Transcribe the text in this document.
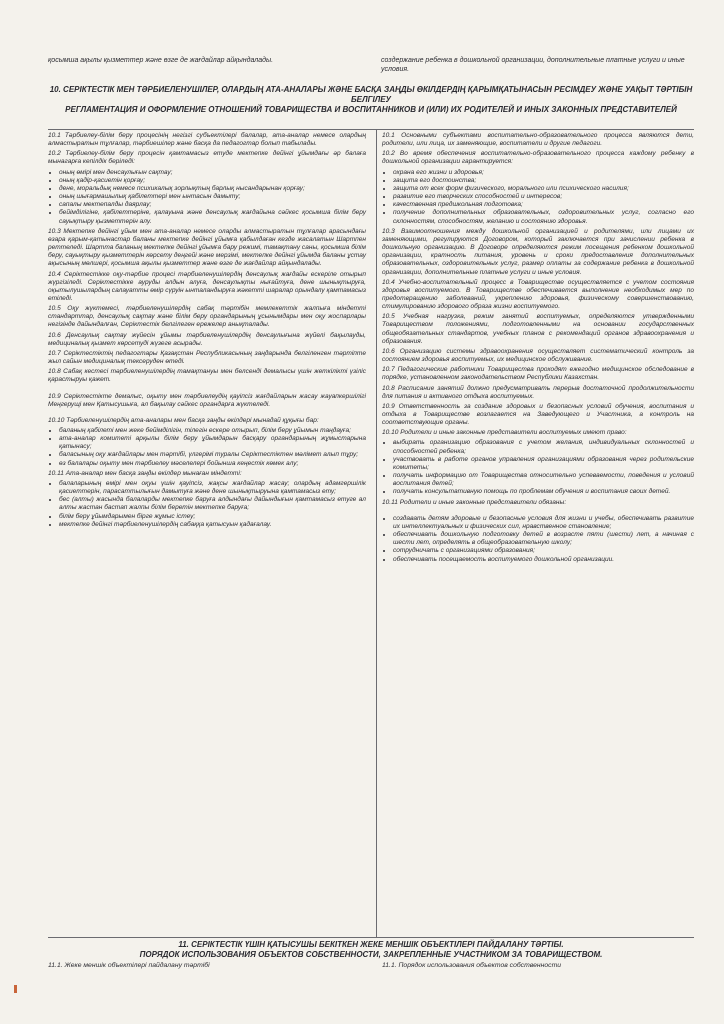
қосымша ақылы қызметтер және өзге де жағдайлар айқындалады.	сoздeржание ребенка в дошкольной организации, дополнительные платные услуги и иные условия.
10. СЕРІКТЕСТІК МЕН ТӘРБИЕЛЕНУШІЛЕР, ОЛАРДЫҢ АТА-АНАЛАРЫ ЖӘНЕ БАСҚА ЗАҢДЫ ӨКІЛДЕРДІҢ ҚАРЫМҚАТЫНАСЫН РЕСІМДЕУ ЖӘНЕ УАҚЫТ ТӘРТІБІН БЕЛГІЛЕУ
РЕГЛАМЕНТАЦИЯ И ОФОРМЛЕНИЕ ОТНОШЕНИЙ ТОВАРИЩЕСТВА И ВОСПИТАННИКОВ И (ИЛИ) ИХ РОДИТЕЛЕЙ И ИНЫХ ЗАКОННЫХ ПРЕДСТАВИТЕЛЕЙ

10.1 Тәрбиелеу-білім беру процесінің негізгі субъектілері балалар, ата-аналар немесе олардың алмастыратын тұлғалар, тәрбиешілер және басқа да педагогтар болып табылады.

10.2 Тәрбиелеу-білім беру процесін қамтамасыз етуде мектепке дейінгі ұйымдағы әр балаға мынагарға кепілдік беріледі:

• оның өмірі мен денсаулығын сақтау;
• оның қадір-қасиетін қорғау;
• дене, моральдық немесе психикалық зорлықтың барлық нысандарынан қорғау;
• оның шығармашылық қабілеттері мен ынтасын дамыту;
• сапалы мектепалды даярлау;
• бейімділігіне, қабілеттеріне, қалауына және денсаулық жағдайына сәйкес қосымша білім беру сауықтыру қызметтерін алу.

10.3 Мектепке дейінгі ұйым мен ата-аналар немесе оларды алмастыратын тұлғалар арасындағы өзара қарым-қатынастар баланы мектепке дейінгі ұйымға қабылдаған кезде жасалатын Шартпен реттеледі. Шартта баланың мектепке дейінгі ұйымға бару режимі, тамақтану саны, қосымша білім беру, сауықтыру қызметтерін көрсету деңгейі және мерзімі, мектепке дейінгі ұйымда баланы ұстау ақысының мөлшері, қосымша ақылы қызметтер және өзге де жағдайлар айқындалады.

10.4 Серіктестікке оқу-тәрбие процесі тәрбиеленушілердің денсаулық жағдайы ескеріле отырып жүргізіледі. Серіктестікке ауруды алдын алуға, денсаулықты нығайтуға, дене шынықтыруға, оқытылушылардың салауатты өмір сүруін ынталандыруға жәкетті шаралар орындалу қамтамасыз етіледі.

10.5 Оқу жүктемесі, тәрбиеленушілердің сабақ тәртібін мемлекеттік жалпыға міндетті стандарттар, денсаулық сақтау және білім беру органдарының ұсынымдары мен оқу жоспарлары негізінде дайындалған, Серіктестік белгілеген ережелер анықталады.

10.6 Денсаулық сақтау жүйесін ұйымы тәрбиеленушілердің денсаулығына жүйелі бақылауды, медициналық қызмет көрсетуді жүзеге асырады.

10.7 Серіктестіктің педагогтары Қазақстан Республикасының заңдарында белгіленген тәртіпте жыл сайын медициналық тексеруден өтеді.

10.8 Сабақ кестесі тәрбиеленушілердің тамақтануы мен белсенді демалысы үшін жеткілікті үзіліс қарастыруы қажет.

10.9 Серіктестікте демалыс, оқыту мен тәрбиелеудің қауіпсіз жағдайларын жасау жауапкершілігі Меңгерущі мен Қатысушыға, ал бақылау сәйкес органдарға жүктеледі.

10.10 Тәрбиеленушілердің ата-аналары мен басқа заңды өкілдері мынадай құқығы бар:

• баланың қабілеті мен жеке бейімділігін, тілегін ескере отырып, білім беру ұйымын таңдауға;
• ата-аналар комитеті арқылы білім беру ұйымдарын басқару органдарының жұмыстарына қатынасу;
• баласының оқу жағдайлары мен тәртібі, үлгерімі туралы Серіктестіктен мәлімет алып тұру;
• өз балалары оқыту мен тәрбиелеу мәселелері бойынша кеңестік көмек алу;

10.11 Ата-аналар мен басқа заңды өкілдер мынаған міндетті:

• балаларының өмірі мен оқуы үшін қауіпсіз, жақсы жағдайлар жасау; олардың адамгершілік қасиеттерін, парасаттылығын дамытуға және дене шынықтыруына қамтамасыз ету;
• бес (алты) жасында балаларды мектепке баруға алдындағы дайындығын қамтамасыз етуге ал алты жастан бастап жалпы білім беретін мектепке баруға;
• білім беру ұйымдарымен бірге жұмыс істеу;
• мектепке дейінгі тәрбиеленушілердің сабаққа қатысуын қадағалау.

10.1 Основными субъектами воспитательно-образовательного процесса являются дети, родители, или лица, их заменяющие, воспитатели и другие педагоги.

10.2 Во время обеспечения воспитательно-образовательного процесса каждому ребенку в дошкольной организации гарантируется:

• охрана его жизни и здоровья;
• защита его достоинства;
• защита от всех форм физического, морального или психического насилия;
• развитие его творческих способностей и интересов;
• качественная предшкольная подготовка;
• получение дополнительных образовательных, оздоровительных услуг, согласно его склонностям, способностям, желанию и состоянию здоровья.

10.3 Взаимоотношения между дошкольной организацией и родителями, или лицами их заменяющими, регулируются Договором, который заключается при зачислении ребенка в дошкольную организацию. В Договоре определяются режим посещения ребенком дошкольной организации, кратность питания, уровень и сроки предоставления дополнительных образовательных, оздоровительных услуг, размер оплаты за содержание ребенка в дошкольной организации, дополнительные платные услуги и иные условия.

10.4 Учебно-воспитательный процесс в Товариществе осуществляется с учетом состояния здоровья воспитуемого. В Товариществе обеспечивается выполнение необходимых мер по предотвращению заболеваний, укреплению здоровья, физическому совершенствованию, стимулированию здорового образа жизни воспитуемого.

10.5 Учебная нагрузка, режим занятий воспитуемых, определяются утвержденными Товариществом положениями, подготовленными на основании государственных общеобязательных стандартов, учебных планов с рекомендаций органов здравоохранения и образования.

10.6 Организацию системы здравоохранения осуществляет систематический контроль за состоянием здоровья воспитуемых, их медицинское обслуживание.

10.7 Педагогические работники Товарищества проходят ежегодно медицинское обследование в порядке, установленном законодательством Республики Казахстан.

10.8 Расписание занятий должно предусматривать перерыв достаточной продолжительности для питания и активного отдыха воспитуемых.

10.9 Ответственность за создание здоровых и безопасных условий обучения, воспитания и отдыха в Товариществе возлагается на Заведующего и Участника, а контроль на соответствующие органы.

10.10 Родители и иные законные представители воспитуемых имеют право:

• выбирать организацию образования с учетом желания, индивидуальных склонностей и способностей ребенка;
• участвовать в работе органов управления организациями образования через родительские комитеты;
• получать информацию от Товарищества относительно успеваемости, поведения и условий воспитания детей;
• получать консультативную помощь по проблемам обучения и воспитания своих детей.

10.11 Родители и иные законные представители обязаны:

• создавать детям здоровые и безопасные условия для жизни и учебы, обеспечивать развитие их интеллектуальных и физических сил, нравственное становление;
• обеспечивать дошкольную подготовку детей в возрасте пяти (шести) лет, а начиная с шести лет, определять в общеобразовательную школу;
• сотрудничать с организациями образования;
• обеспечивать посещаемость воспитуемого дошкольной организации.
11. СЕРІКТЕСТІК ҮШІН ҚАТЫСУШЫ БЕКІТКЕН ЖЕКЕ МЕНШІК ОБЪЕКТІЛЕРІ ПАЙДАЛАНУ ТӘРТІБІ.
ПОРЯДОК ИСПОЛЬЗОВАНИЯ ОБЪЕКТОВ СОБСТВЕННОСТИ, ЗАКРЕПЛЕННЫЕ УЧАСТНИКОМ ЗА ТОВАРИЩЕСТВОМ.
11.1. Жеке меншік объектілері пайдалану тәртібі	11.1. Порядок использования объектов собственности
